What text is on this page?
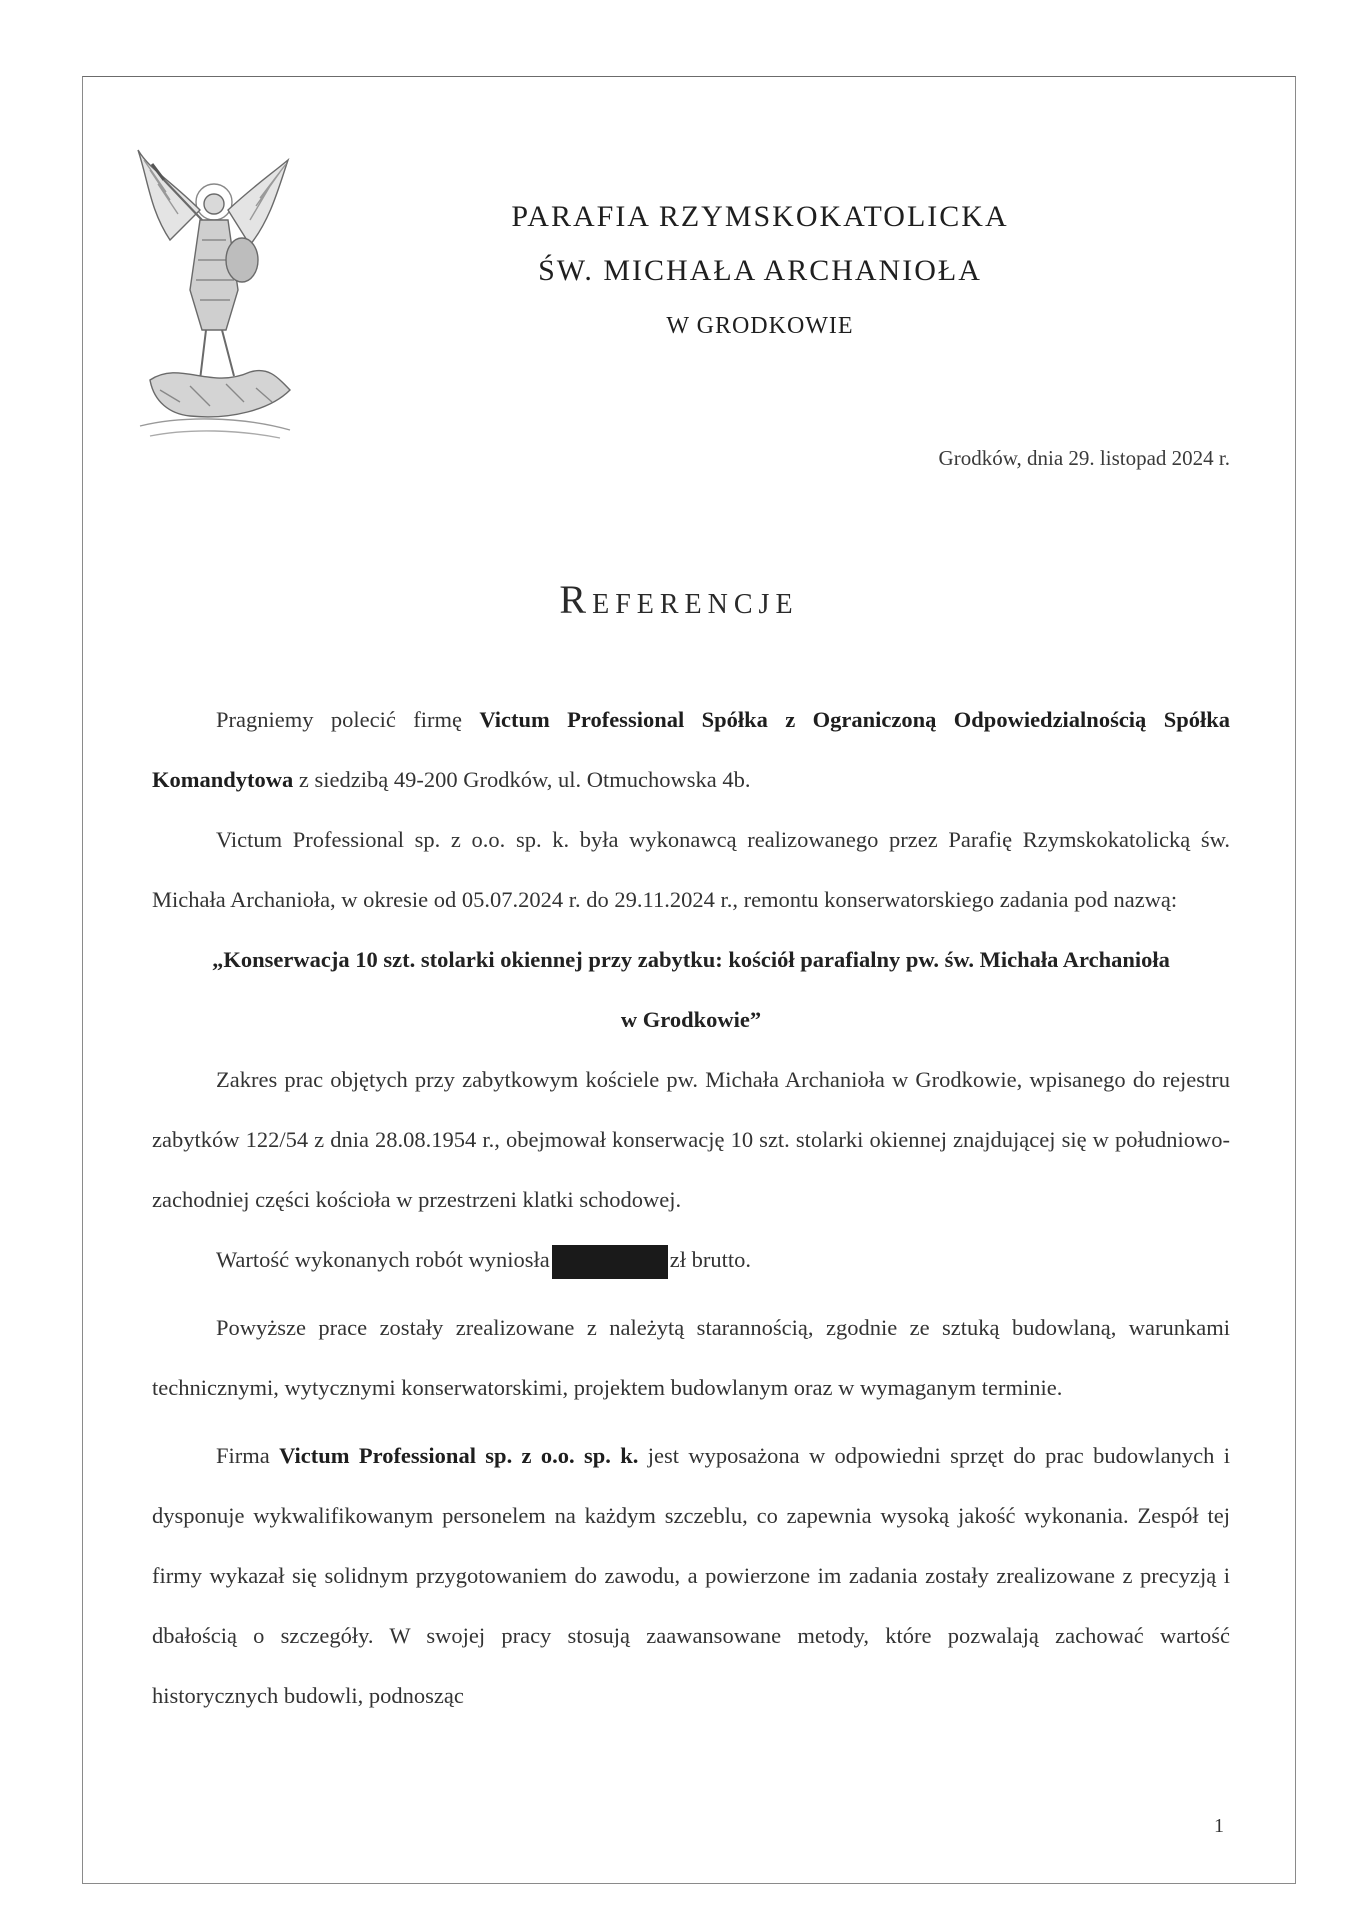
PARAFIA RZYMSKOKATOLICKA
ŚW. MICHAŁA ARCHANIOŁA
W GRODKOWIE
Grodków, dnia 29. listopad 2024 r.
Referencje

Pragniemy polecić firmę Victum Professional Spółka z Ograniczoną Odpowiedzialnością Spółka Komandytowa z siedzibą 49-200 Grodków, ul. Otmuchowska 4b.

Victum Professional sp. z o.o. sp. k. była wykonawcą realizowanego przez Parafię Rzymskokatolicką św. Michała Archanioła, w okresie od 05.07.2024 r. do 29.11.2024 r., remontu konserwatorskiego zadania pod nazwą:

„Konserwacja 10 szt. stolarki okiennej przy zabytku: kościół parafialny pw. św. Michała Archanioła

w Grodkowie”

Zakres prac objętych przy zabytkowym kościele pw. Michała Archanioła w Grodkowie, wpisanego do rejestru zabytków 122/54 z dnia 28.08.1954 r., obejmował konserwację 10 szt. stolarki okiennej znajdującej się w południowo-zachodniej części kościoła w przestrzeni klatki schodowej.

Wartość wykonanych robót wyniosła	zł brutto.

Powyższe prace zostały zrealizowane z należytą starannością, zgodnie ze sztuką budowlaną, warunkami technicznymi, wytycznymi konserwatorskimi, projektem budowlanym oraz w wymaganym terminie.

Firma Victum Professional sp. z o.o. sp. k. jest wyposażona w odpowiedni sprzęt do prac budowlanych i dysponuje wykwalifikowanym personelem na każdym szczeblu, co zapewnia wysoką jakość wykonania. Zespół tej firmy wykazał się solidnym przygotowaniem do zawodu, a powierzone im zadania zostały zrealizowane z precyzją i dbałością o szczegóły. W swojej pracy stosują zaawansowane metody, które pozwalają zachować wartość historycznych budowli, podnosząc

1
